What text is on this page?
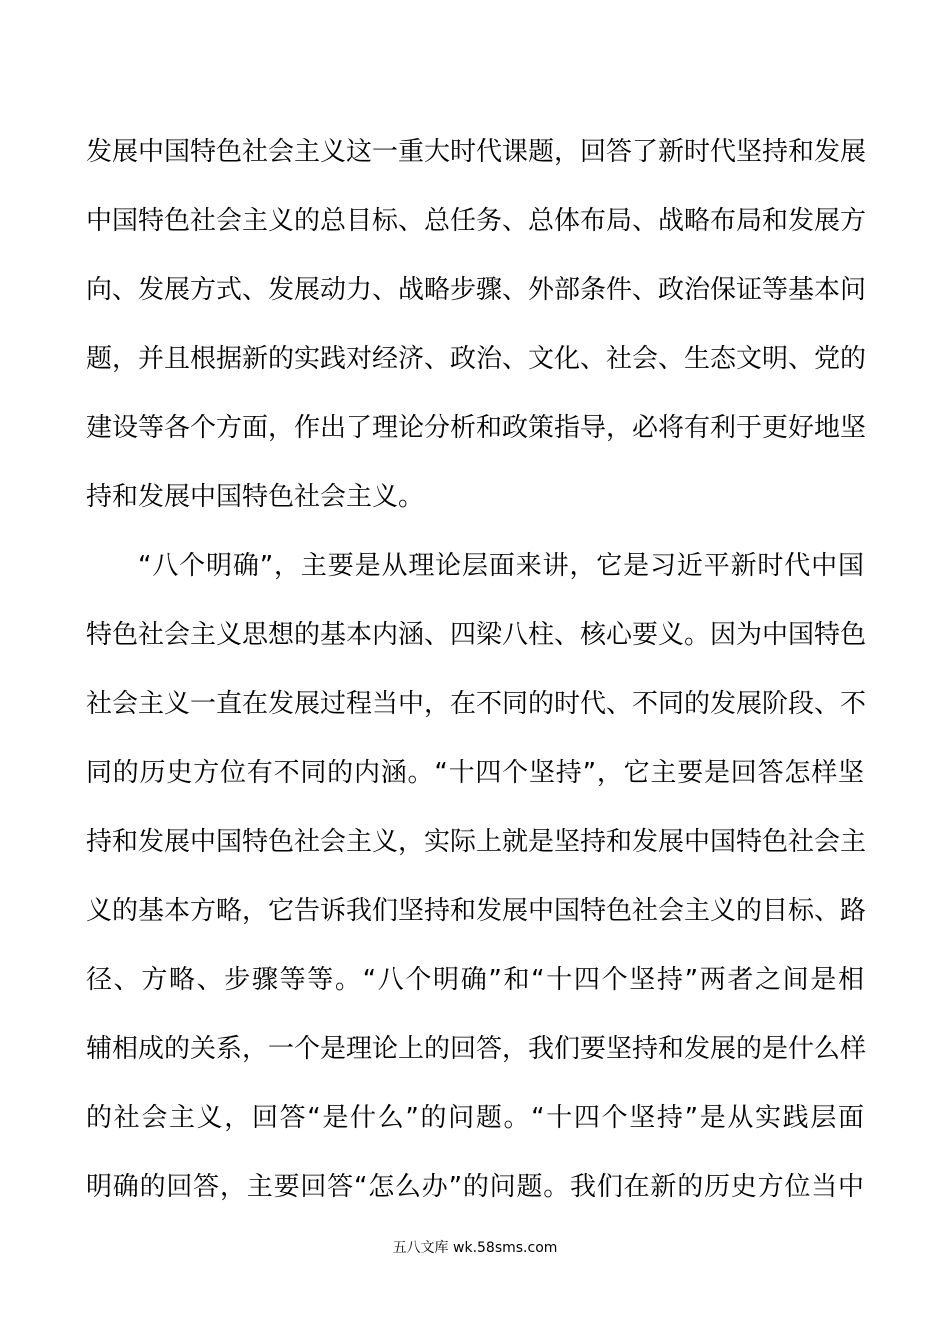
发展中国特色社会主义这一重大时代课题，回答了新时代坚持和发展
中国特色社会主义的总目标、总任务、总体布局、战略布局和发展方
向、发展方式、发展动力、战略步骤、外部条件、政治保证等基本问
题，并且根据新的实践对经济、政治、文化、社会、生态文明、党的
建设等各个方面，作出了理论分析和政策指导，必将有利于更好地坚
持和发展中国特色社会主义。
“八个明确”，主要是从理论层面来讲，它是习近平新时代中国
特色社会主义思想的基本内涵、四梁八柱、核心要义。因为中国特色
社会主义一直在发展过程当中，在不同的时代、不同的发展阶段、不
同的历史方位有不同的内涵。“十四个坚持”，它主要是回答怎样坚
持和发展中国特色社会主义，实际上就是坚持和发展中国特色社会主
义的基本方略，它告诉我们坚持和发展中国特色社会主义的目标、路
径、方略、步骤等等。“八个明确”和“十四个坚持”两者之间是相
辅相成的关系，一个是理论上的回答，我们要坚持和发展的是什么样
的社会主义，回答“是什么”的问题。“十四个坚持”是从实践层面
明确的回答，主要回答“怎么办”的问题。我们在新的历史方位当中
五八文库 wk.58sms.com
